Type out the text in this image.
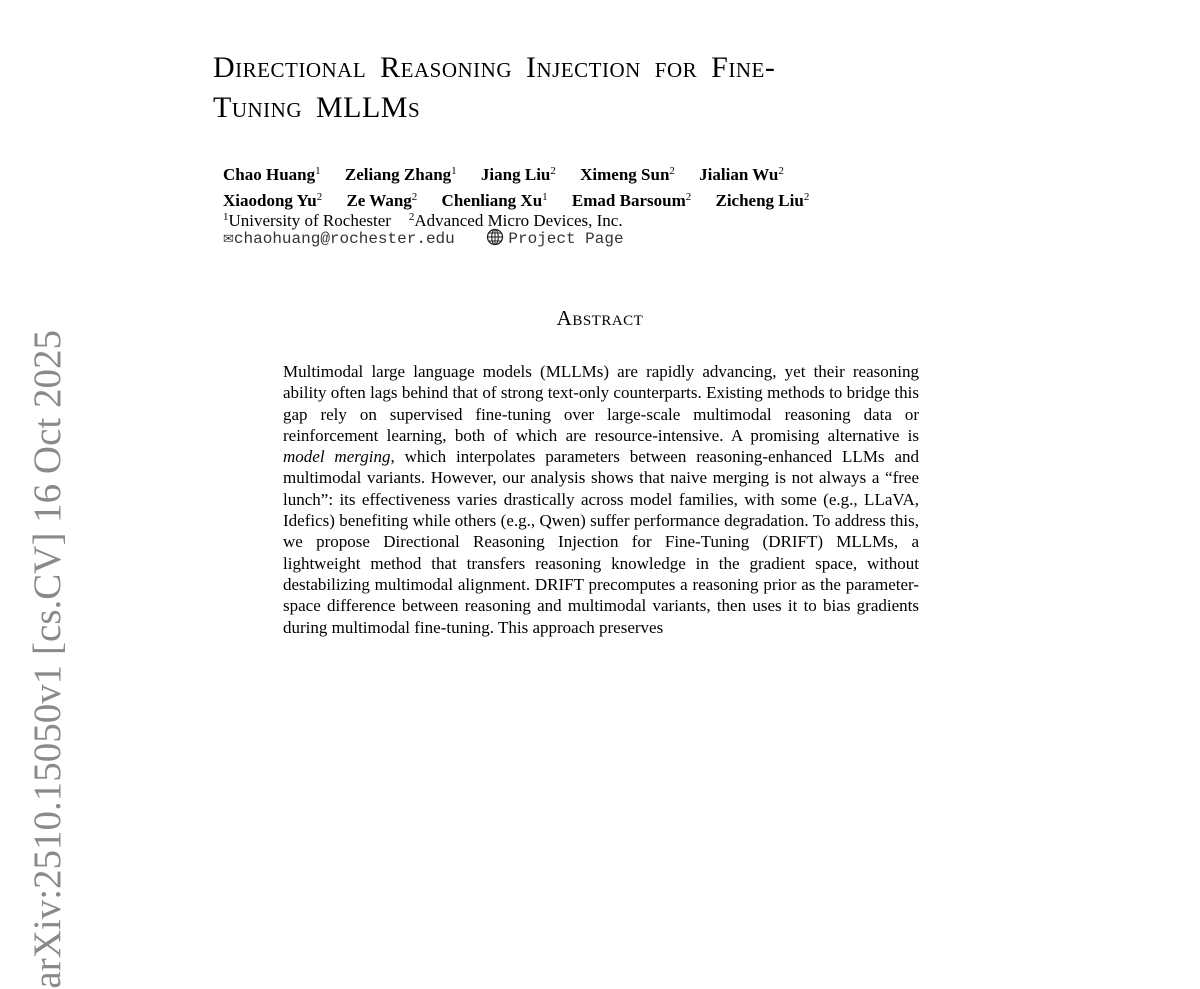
Directional Reasoning Injection for Fine-
Tuning MLLMs
Chao Huang$^1$ Zeliang Zhang$^1$ Jiang Liu$^2$ Ximeng Sun$^2$ Jialian Wu$^2$
Xiaodong Yu$^2$ Ze Wang$^2$ Chenliang Xu$^1$ Emad Barsoum$^2$ Zicheng Liu$^2$
$^1$University of Rochester $^2$Advanced Micro Devices, Inc.
✉chaohuang@rochester.edu	Project Page
Abstract
Multimodal large language models (MLLMs) are rapidly advancing, yet their reasoning ability often lags behind that of strong text-only counterparts. Existing methods to bridge this gap rely on supervised fine-tuning over large-scale multimodal reasoning data or reinforcement learning, both of which are resource-intensive. A promising alternative is model merging, which interpolates parameters between reasoning-enhanced LLMs and multimodal variants. However, our analysis shows that naive merging is not always a “free lunch”: its effectiveness varies drastically across model families, with some (e.g., LLaVA, Idefics) benefiting while others (e.g., Qwen) suffer performance degradation. To address this, we propose Directional Reasoning Injection for Fine-Tuning (DRIFT) MLLMs, a lightweight method that transfers reasoning knowledge in the gradient space, without destabilizing multimodal alignment. DRIFT precomputes a reasoning prior as the parameter-space difference between reasoning and multimodal variants, then uses it to bias gradients during multimodal fine-tuning. This approach preserves
arXiv:2510.15050v1 [cs.CV] 16 Oct 2025
